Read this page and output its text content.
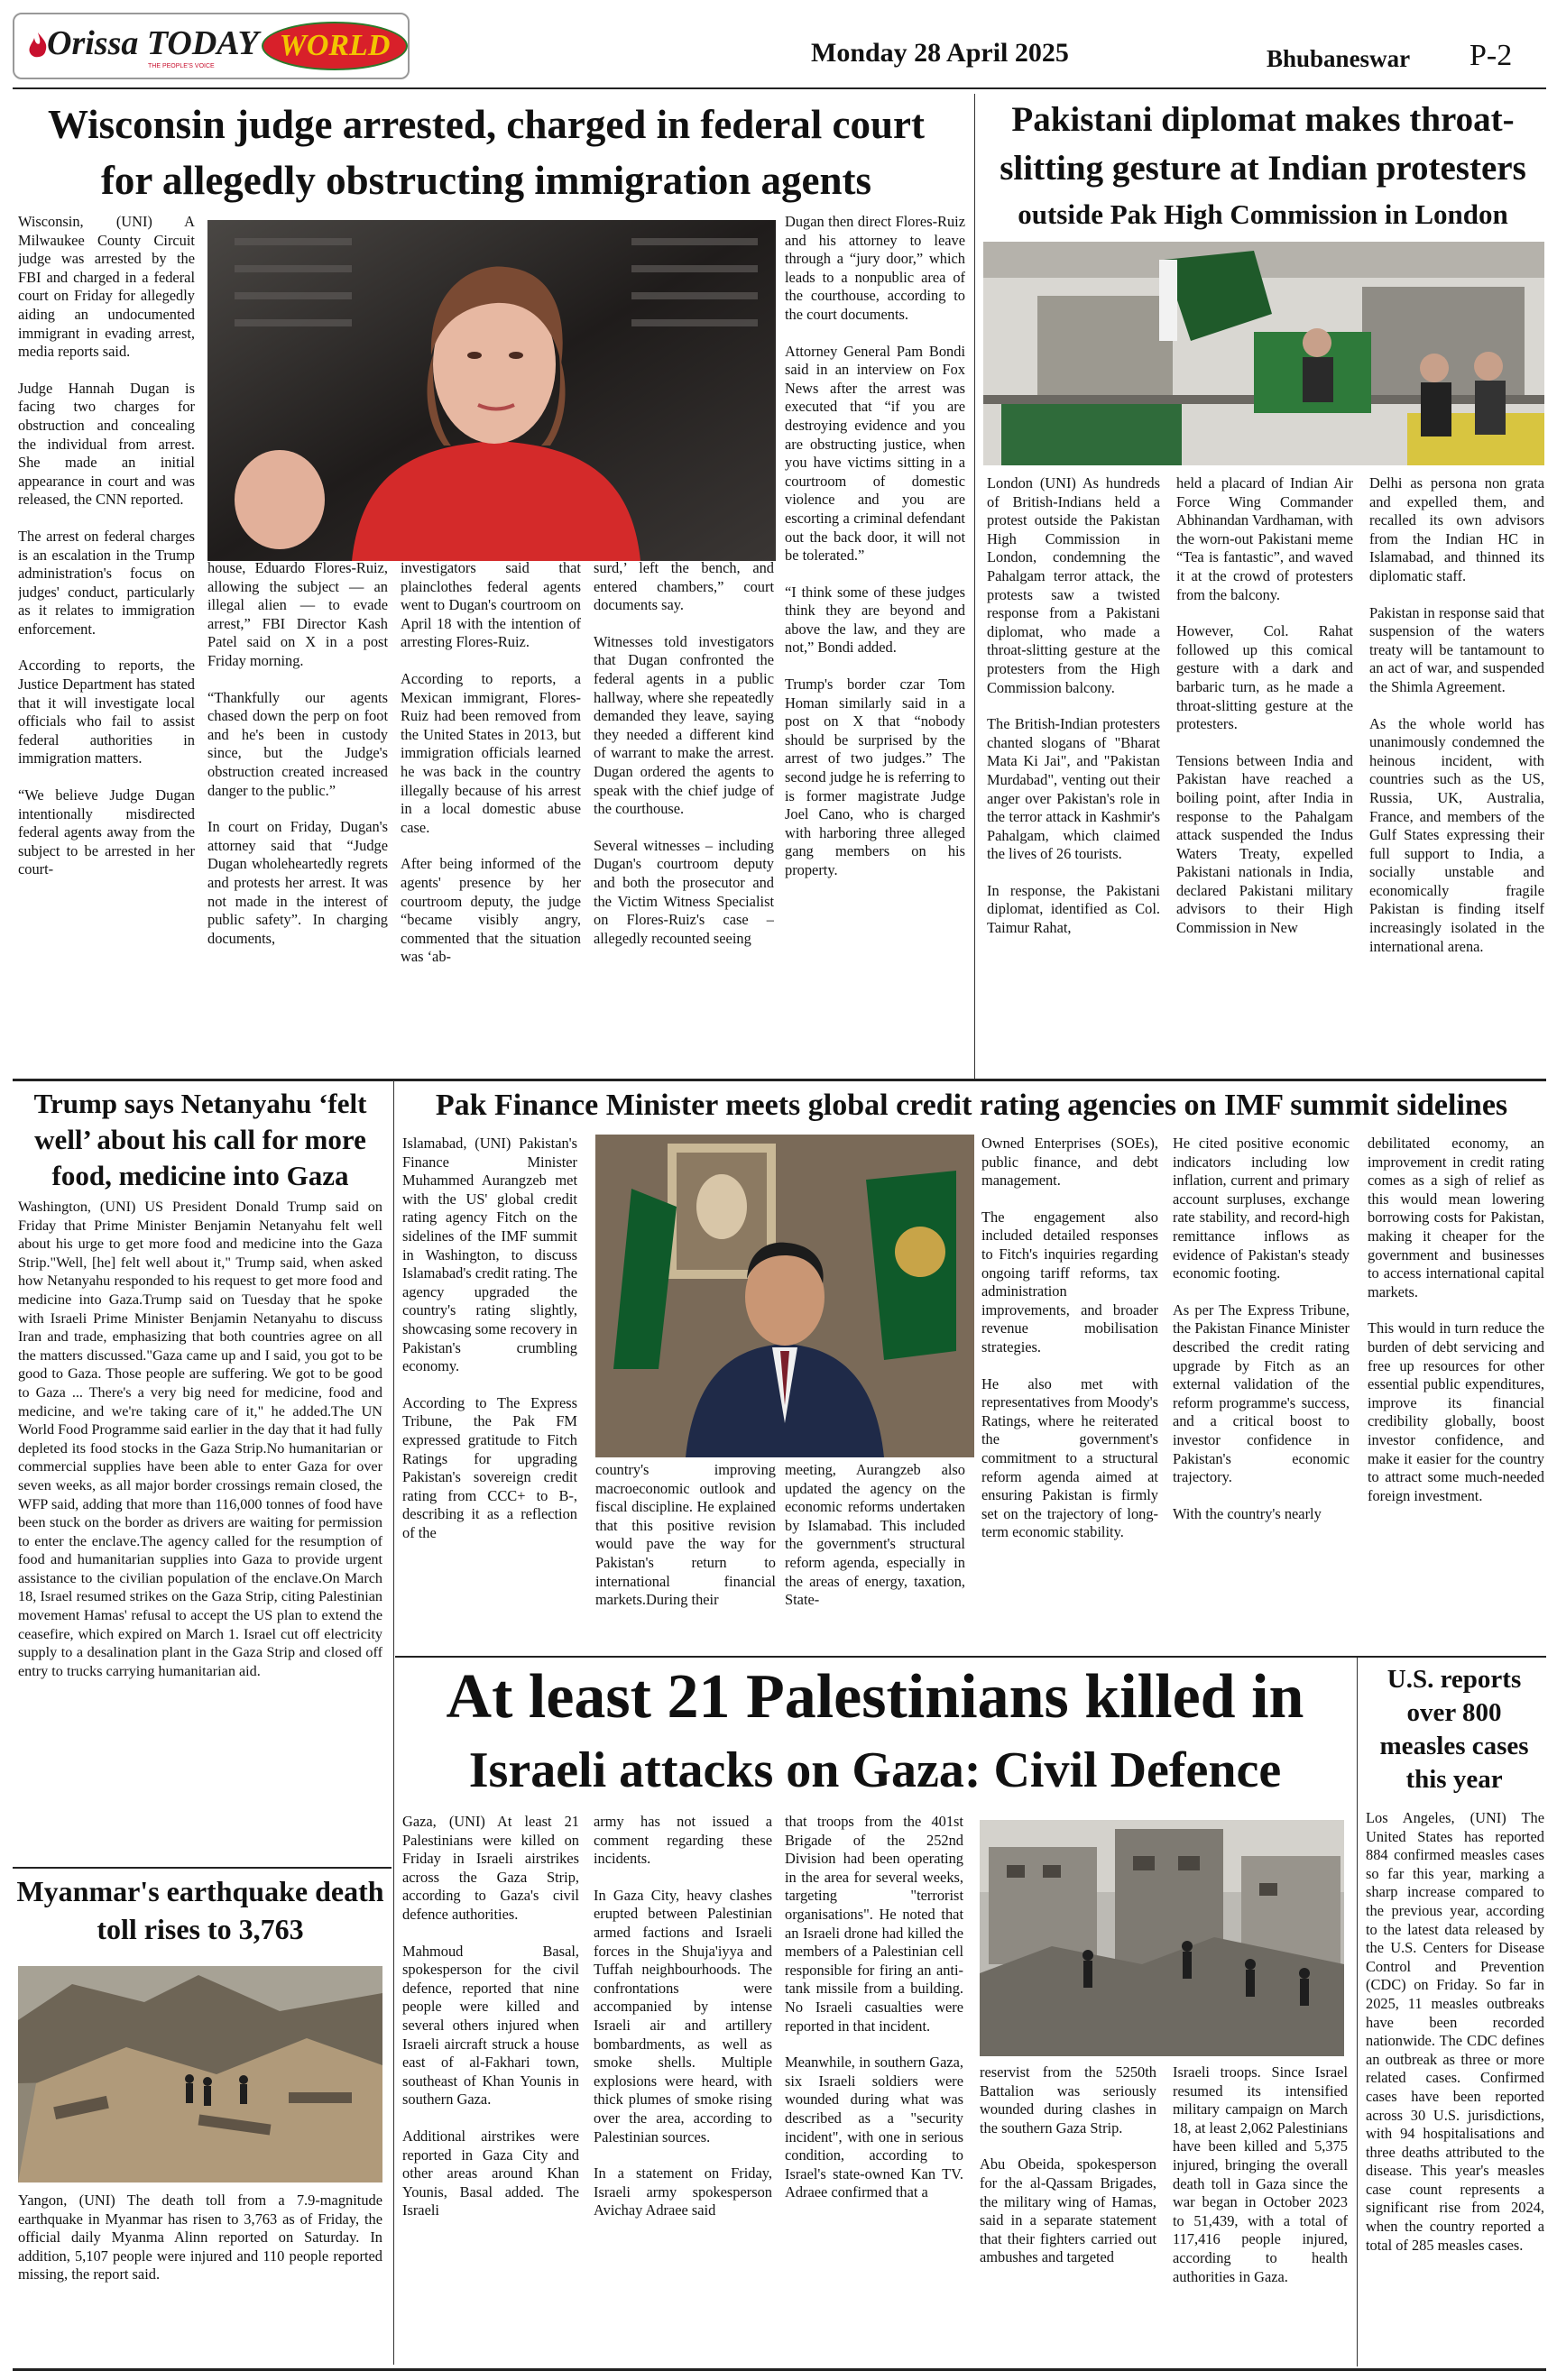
Orissa TODAY
THE PEOPLE'S VOICE
WORLD	Monday 28 April 2025	Bhubaneswar P-2
Wisconsin judge arrested, charged in federal court
for allegedly obstructing immigration agents

Wisconsin, (UNI) A Milwaukee County Circuit judge was arrested by the FBI and charged in a federal court on Friday for allegedly aiding an undocumented immigrant in evading arrest, media reports said.

Judge Hannah Dugan is facing two charges for obstruction and concealing the individual from arrest. She made an initial appearance in court and was released, the CNN reported.

The arrest on federal charges is an escalation in the Trump administration's focus on judges' conduct, particularly as it relates to immigration enforcement.

According to reports, the Justice Department has stated that it will investigate local officials who fail to assist federal authorities in immigration matters.

“We believe Judge Dugan intentionally misdirected federal agents away from the subject to be arrested in her court-

house, Eduardo Flores-Ruiz, allowing the subject — an illegal alien — to evade arrest,” FBI Director Kash Patel said on X in a post Friday morning.

“Thankfully our agents chased down the perp on foot and he's been in custody since, but the Judge's obstruction created increased danger to the public.”

In court on Friday, Dugan's attorney said that “Judge Dugan wholeheartedly regrets and protests her arrest. It was not made in the interest of public safety”. In charging documents,

investigators said that plainclothes federal agents went to Dugan's courtroom on April 18 with the intention of arresting Flores-Ruiz.

According to reports, a Mexican immigrant, Flores-Ruiz had been removed from the United States in 2013, but immigration officials learned he was back in the country illegally because of his arrest in a local domestic abuse case.

After being informed of the agents' presence by her courtroom deputy, the judge “became visibly angry, commented that the situation was ‘ab-

surd,’ left the bench, and entered chambers,” court documents say.

Witnesses told investigators that Dugan confronted the federal agents in a public hallway, where she repeatedly demanded they leave, saying they needed a different kind of warrant to make the arrest. Dugan ordered the agents to speak with the chief judge of the courthouse.

Several witnesses – including Dugan's courtroom deputy and both the prosecutor and the Victim Witness Specialist on Flores-Ruiz's case – allegedly recounted seeing

Dugan then direct Flores-Ruiz and his attorney to leave through a “jury door,” which leads to a nonpublic area of the courthouse, according to the court documents.

Attorney General Pam Bondi said in an interview on Fox News after the arrest was executed that “if you are destroying evidence and you are obstructing justice, when you have victims sitting in a courtroom of domestic violence and you are escorting a criminal defendant out the back door, it will not be tolerated.”

“I think some of these judges think they are beyond and above the law, and they are not,” Bondi added.

Trump's border czar Tom Homan similarly said in a post on X that “nobody should be surprised by the arrest of two judges.” The second judge he is referring to is former magistrate Judge Joel Cano, who is charged with harboring three alleged gang members on his property.

Pakistani diplomat makes throat-
slitting gesture at Indian protesters
outside Pak High Commission in London

London (UNI) As hundreds of British-Indians held a protest outside the Pakistan High Commission in London, condemning the Pahalgam terror attack, the protests saw a twisted response from a Pakistani diplomat, who made a throat-slitting gesture at the protesters from the High Commission balcony.

The British-Indian protesters chanted slogans of "Bharat Mata Ki Jai", and "Pakistan Murdabad", venting out their anger over Pakistan's role in the terror attack in Kashmir's Pahalgam, which claimed the lives of 26 tourists.

In response, the Pakistani diplomat, identified as Col. Taimur Rahat,

held a placard of Indian Air Force Wing Commander Abhinandan Vardhaman, with the worn-out Pakistani meme “Tea is fantastic”, and waved it at the crowd of protesters from the balcony.

However, Col. Rahat followed up this comical gesture with a dark and barbaric turn, as he made a throat-slitting gesture at the protesters.

Tensions between India and Pakistan have reached a boiling point, after India in response to the Pahalgam attack suspended the Indus Waters Treaty, expelled Pakistani nationals in India, declared Pakistani military advisors to their High Commission in New

Delhi as persona non grata and expelled them, and recalled its own advisors from the Indian HC in Islamabad, and thinned its diplomatic staff.

Pakistan in response said that suspension of the waters treaty will be tantamount to an act of war, and suspended the Shimla Agreement.

As the whole world has unanimously condemned the heinous incident, with countries such as the US, Russia, UK, Australia, France, and members of the Gulf States expressing their full support to India, a socially unstable and economically fragile Pakistan is finding itself increasingly isolated in the international arena.

Trump says Netanyahu ‘felt well’ about his call for more food, medicine into Gaza
Washington, (UNI) US President Donald Trump said on Friday that Prime Minister Benjamin Netanyahu felt well about his urge to get more food and medicine into the Gaza Strip."Well, [he] felt well about it," Trump said, when asked how Netanyahu responded to his request to get more food and medicine into Gaza.Trump said on Tuesday that he spoke with Israeli Prime Minister Benjamin Netanyahu to discuss Iran and trade, emphasizing that both countries agree on all the matters discussed."Gaza came up and I said, you got to be good to Gaza. Those people are suffering. We got to be good to Gaza ... There's a very big need for medicine, food and medicine, and we're taking care of it," he added.The UN World Food Programme said earlier in the day that it had fully depleted its food stocks in the Gaza Strip.No humanitarian or commercial supplies have been able to enter Gaza for over seven weeks, as all major border crossings remain closed, the WFP said, adding that more than 116,000 tonnes of food have been stuck on the border as drivers are waiting for permission to enter the enclave.The agency called for the resumption of food and humanitarian supplies into Gaza to provide urgent assistance to the civilian population of the enclave.On March 18, Israel resumed strikes on the Gaza Strip, citing Palestinian movement Hamas' refusal to accept the US plan to extend the ceasefire, which expired on March 1. Israel cut off electricity supply to a desalination plant in the Gaza Strip and closed off entry to trucks carrying humanitarian aid.
Myanmar's earthquake death toll rises to 3,763
Yangon, (UNI) The death toll from a 7.9-magnitude earthquake in Myanmar has risen to 3,763 as of Friday, the official daily Myanma Alinn reported on Saturday. In addition, 5,107 people were injured and 110 people reported missing, the report said.
Pak Finance Minister meets global credit rating agencies on IMF summit sidelines

Islamabad, (UNI) Pakistan's Finance Minister Muhammed Aurangzeb met with the US' global credit rating agency Fitch on the sidelines of the IMF summit in Washington, to discuss Islamabad's credit rating. The agency upgraded the country's rating slightly, showcasing some recovery in Pakistan's crumbling economy.

According to The Express Tribune, the Pak FM expressed gratitude to Fitch Ratings for upgrading Pakistan's sovereign credit rating from CCC+ to B-, describing it as a reflection of the

country's improving macroeconomic outlook and fiscal discipline. He explained that this positive revision would pave the way for Pakistan's return to international financial markets.During their

meeting, Aurangzeb also updated the agency on the economic reforms undertaken by Islamabad. This included the government's structural reform agenda, especially in the areas of energy, taxation, State-

Owned Enterprises (SOEs), public finance, and debt management.

The engagement also included detailed responses to Fitch's inquiries regarding ongoing tariff reforms, tax administration improvements, and broader revenue mobilisation strategies.

He also met with representatives from Moody's Ratings, where he reiterated the government's commitment to a structural reform agenda aimed at ensuring Pakistan is firmly set on the trajectory of long-term economic stability.

He cited positive economic indicators including low inflation, current and primary account surpluses, exchange rate stability, and record-high remittance inflows as evidence of Pakistan's steady economic footing.

As per The Express Tribune, the Pakistan Finance Minister described the credit rating upgrade by Fitch as an external validation of the reform programme's success, and a critical boost to investor confidence in Pakistan's economic trajectory.

With the country's nearly

debilitated economy, an improvement in credit rating comes as a sigh of relief as this would mean lowering borrowing costs for Pakistan, making it cheaper for the government and businesses to access international capital markets.

This would in turn reduce the burden of debt servicing and free up resources for other essential public expenditures, improve its financial credibility globally, boost investor confidence, and make it easier for the country to attract some much-needed foreign investment.

At least 21 Palestinians killed in
Israeli attacks on Gaza: Civil Defence

Gaza, (UNI) At least 21 Palestinians were killed on Friday in Israeli airstrikes across the Gaza Strip, according to Gaza's civil defence authorities.

Mahmoud Basal, spokesperson for the civil defence, reported that nine people were killed and several others injured when Israeli aircraft struck a house east of al-Fakhari town, southeast of Khan Younis in southern Gaza.

Additional airstrikes were reported in Gaza City and other areas around Khan Younis, Basal added. The Israeli

army has not issued a comment regarding these incidents.

In Gaza City, heavy clashes erupted between Palestinian armed factions and Israeli forces in the Shuja'iyya and Tuffah neighbourhoods. The confrontations were accompanied by intense Israeli air and artillery bombardments, as well as smoke shells. Multiple explosions were heard, with thick plumes of smoke rising over the area, according to Palestinian sources.

In a statement on Friday, Israeli army spokesperson Avichay Adraee said

that troops from the 401st Brigade of the 252nd Division had been operating in the area for several weeks, targeting "terrorist organisations". He noted that an Israeli drone had killed the members of a Palestinian cell responsible for firing an anti-tank missile from a building. No Israeli casualties were reported in that incident.

Meanwhile, in southern Gaza, six Israeli soldiers were wounded during what was described as a "security incident", with one in serious condition, according to Israel's state-owned Kan TV. Adraee confirmed that a

reservist from the 5250th Battalion was seriously wounded during clashes in the southern Gaza Strip.

Abu Obeida, spokesperson for the al-Qassam Brigades, the military wing of Hamas, said in a separate statement that their fighters carried out ambushes and targeted

Israeli troops. Since Israel resumed its intensified military campaign on March 18, at least 2,062 Palestinians have been killed and 5,375 injured, bringing the overall death toll in Gaza since the war began in October 2023 to 51,439, with a total of 117,416 people injured, according to health authorities in Gaza.

U.S. reports over 800 measles cases this year
Los Angeles, (UNI) The United States has reported 884 confirmed measles cases so far this year, marking a sharp increase compared to the previous year, according to the latest data released by the U.S. Centers for Disease Control and Prevention (CDC) on Friday. So far in 2025, 11 measles outbreaks have been recorded nationwide. The CDC defines an outbreak as three or more related cases. Confirmed cases have been reported across 30 U.S. jurisdictions, with 94 hospitalisations and three deaths attributed to the disease. This year's measles case count represents a significant rise from 2024, when the country reported a total of 285 measles cases.
